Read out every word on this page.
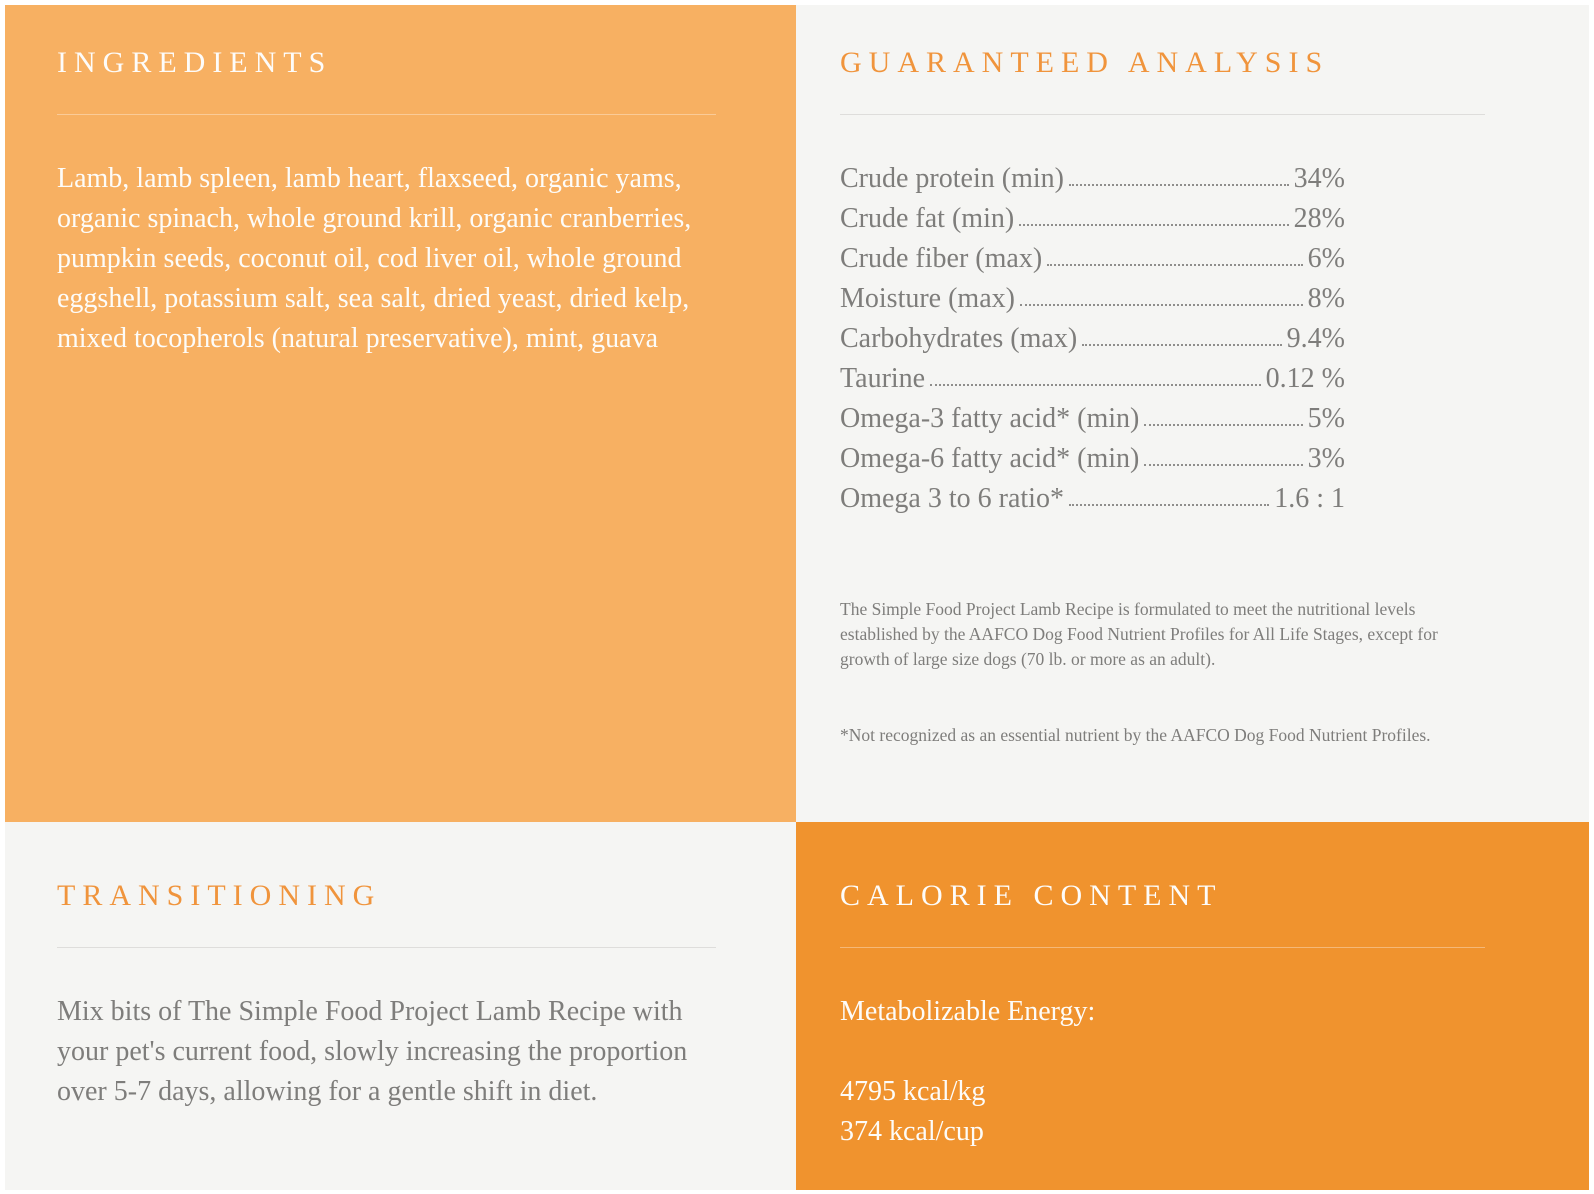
INGREDIENTS

Lamb, lamb spleen, lamb heart, flaxseed, organic yams, organic spinach, whole ground krill, organic cranberries, pumpkin seeds, coconut oil, cod liver oil, whole ground eggshell, potassium salt, sea salt, dried yeast, dried kelp, mixed tocopherols (natural preservative), mint, guava

GUARANTEED ANALYSIS
Crude protein (min)	34%
Crude fat (min)	28%
Crude fiber (max)	6%
Moisture (max)	8%
Carbohydrates (max)	9.4%
Taurine	0.12 %
Omega-3 fatty acid* (min)	5%
Omega-6 fatty acid* (min)	3%
Omega 3 to 6 ratio*	1.6 : 1

The Simple Food Project Lamb Recipe is formulated to meet the nutritional levels established by the AAFCO Dog Food Nutrient Profiles for All Life Stages, except for growth of large size dogs (70 lb. or more as an adult).

*Not recognized as an essential nutrient by the AAFCO Dog Food Nutrient Profiles.

TRANSITIONING

Mix bits of The Simple Food Project Lamb Recipe with your pet's current food, slowly increasing the proportion over 5-7 days, allowing for a gentle shift in diet.

CALORIE CONTENT

Metabolizable Energy:

4795 kcal/kg
374 kcal/cup
